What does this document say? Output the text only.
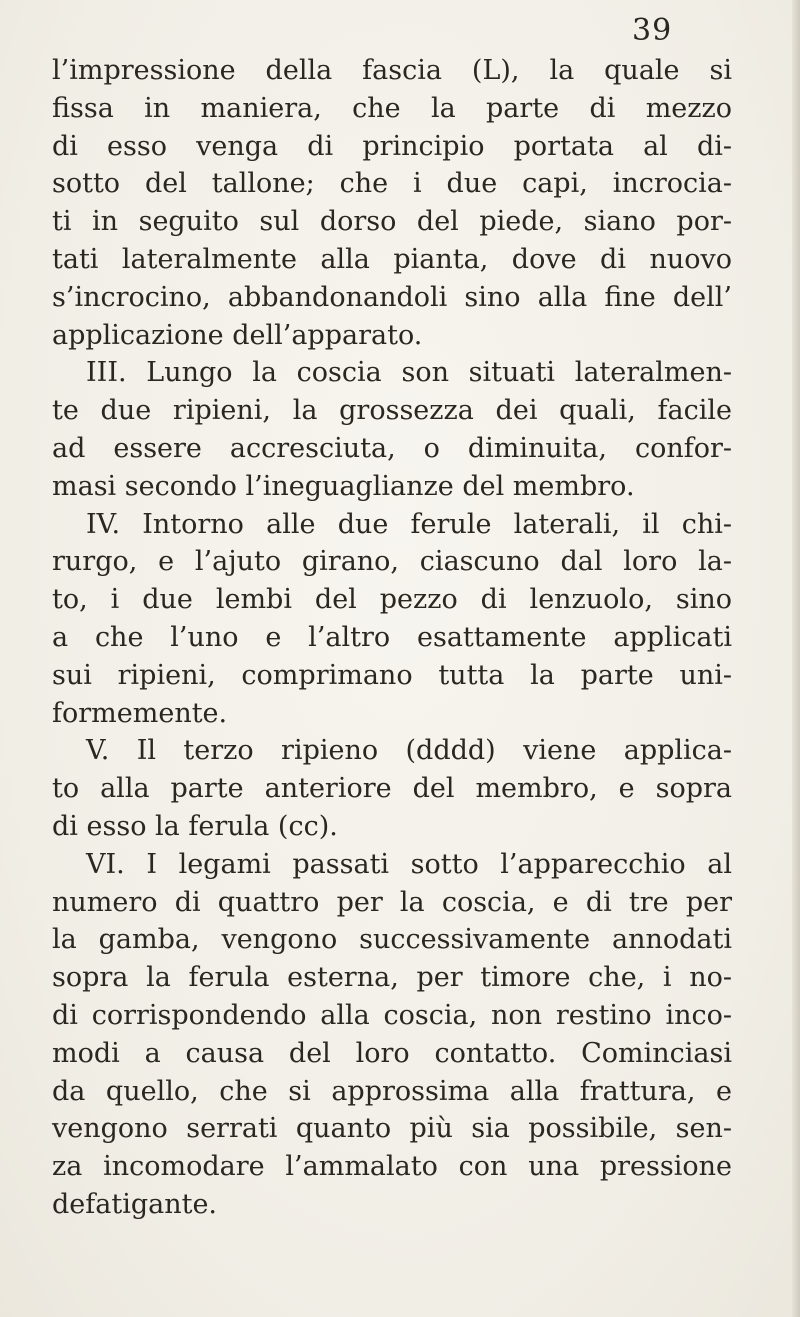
39
l’impressione della fascia (L), la quale si
fissa in maniera, che la parte di mezzo
di esso venga di principio portata al di-
sotto del tallone; che i due capi, incrocia-
ti in seguito sul dorso del piede, siano por-
tati lateralmente alla pianta, dove di nuovo
s’incrocino, abbandonandoli sino alla fine dell’
applicazione dell’apparato.
III. Lungo la coscia son situati lateralmen-
te due ripieni, la grossezza dei quali, facile
ad essere accresciuta, o diminuita, confor-
masi secondo l’ineguaglianze del membro.
IV. Intorno alle due ferule laterali, il chi-
rurgo, e l’ajuto girano, ciascuno dal loro la-
to, i due lembi del pezzo di lenzuolo, sino
a che l’uno e l’altro esattamente applicati
sui ripieni, comprimano tutta la parte uni-
formemente.
V. Il terzo ripieno (dddd) viene applica-
to alla parte anteriore del membro, e sopra
di esso la ferula (cc).
VI. I legami passati sotto l’apparecchio al
numero di quattro per la coscia, e di tre per
la gamba, vengono successivamente annodati
sopra la ferula esterna, per timore che, i no-
di corrispondendo alla coscia, non restino inco-
modi a causa del loro contatto. Cominciasi
da quello, che si approssima alla frattura, e
vengono serrati quanto più sia possibile, sen-
za incomodare l’ammalato con una pressione
defatigante.
